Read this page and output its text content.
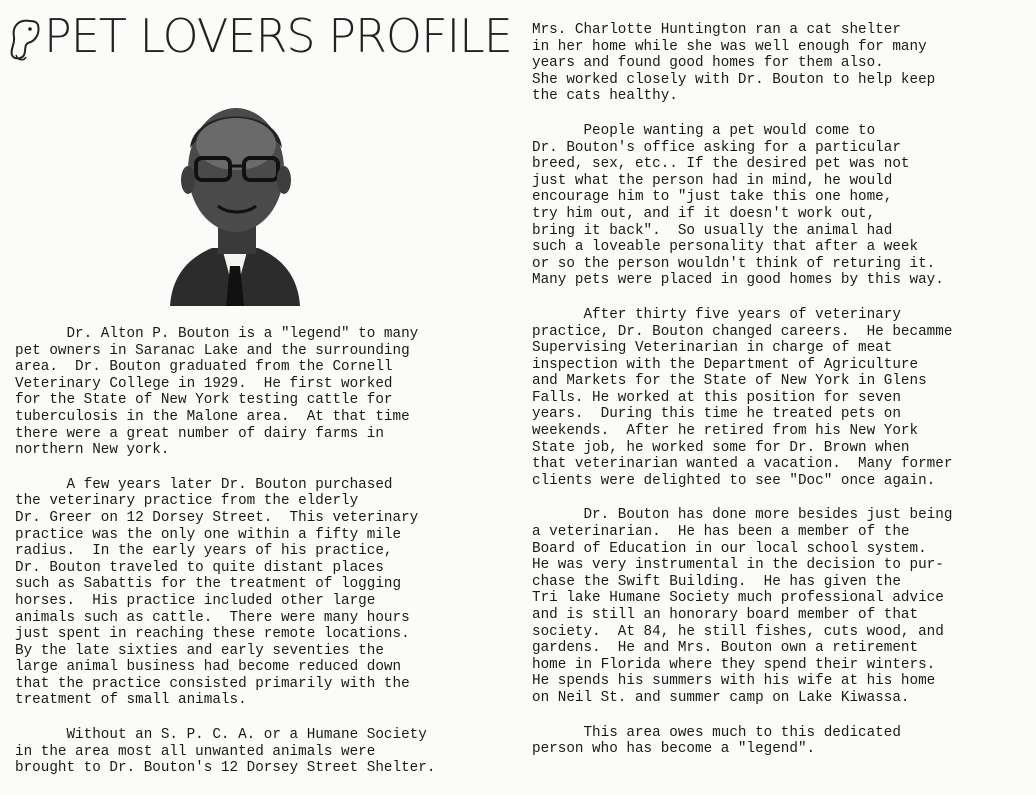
PET LOVERS PROFILE

Dr. Alton P. Bouton is a "legend" to many
pet owners in Saranac Lake and the surrounding
area.  Dr. Bouton graduated from the Cornell
Veterinary College in 1929.  He first worked
for the State of New York testing cattle for
tuberculosis in the Malone area.  At that time
there were a great number of dairy farms in
northern New york.

A few years later Dr. Bouton purchased
the veterinary practice from the elderly
Dr. Greer on 12 Dorsey Street.  This veterinary
practice was the only one within a fifty mile
radius.  In the early years of his practice,
Dr. Bouton traveled to quite distant places
such as Sabattis for the treatment of logging
horses.  His practice included other large
animals such as cattle.  There were many hours
just spent in reaching these remote locations.
By the late sixties and early seventies the
large animal business had become reduced down
that the practice consisted primarily with the
treatment of small animals.

Without an S. P. C. A. or a Humane Society
in the area most all unwanted animals were
brought to Dr. Bouton's 12 Dorsey Street Shelter.

Mrs. Charlotte Huntington ran a cat shelter
in her home while she was well enough for many
years and found good homes for them also.
She worked closely with Dr. Bouton to help keep
the cats healthy.

People wanting a pet would come to
Dr. Bouton's office asking for a particular
breed, sex, etc.. If the desired pet was not
just what the person had in mind, he would
encourage him to "just take this one home,
try him out, and if it doesn't work out,
bring it back".  So usually the animal had
such a loveable personality that after a week
or so the person wouldn't think of returing it.
Many pets were placed in good homes by this way.

After thirty five years of veterinary
practice, Dr. Bouton changed careers.  He becamme
Supervising Veterinarian in charge of meat
inspection with the Department of Agriculture
and Markets for the State of New York in Glens
Falls. He worked at this position for seven
years.  During this time he treated pets on
weekends.  After he retired from his New York
State job, he worked some for Dr. Brown when
that veterinarian wanted a vacation.  Many former
clients were delighted to see "Doc" once again.

Dr. Bouton has done more besides just being
a veterinarian.  He has been a member of the
Board of Education in our local school system.
He was very instrumental in the decision to pur-
chase the Swift Building.  He has given the
Tri lake Humane Society much professional advice
and is still an honorary board member of that
society.  At 84, he still fishes, cuts wood, and
gardens.  He and Mrs. Bouton own a retirement
home in Florida where they spend their winters.
He spends his summers with his wife at his home
on Neil St. and summer camp on Lake Kiwassa.

This area owes much to this dedicated
person who has become a "legend".
